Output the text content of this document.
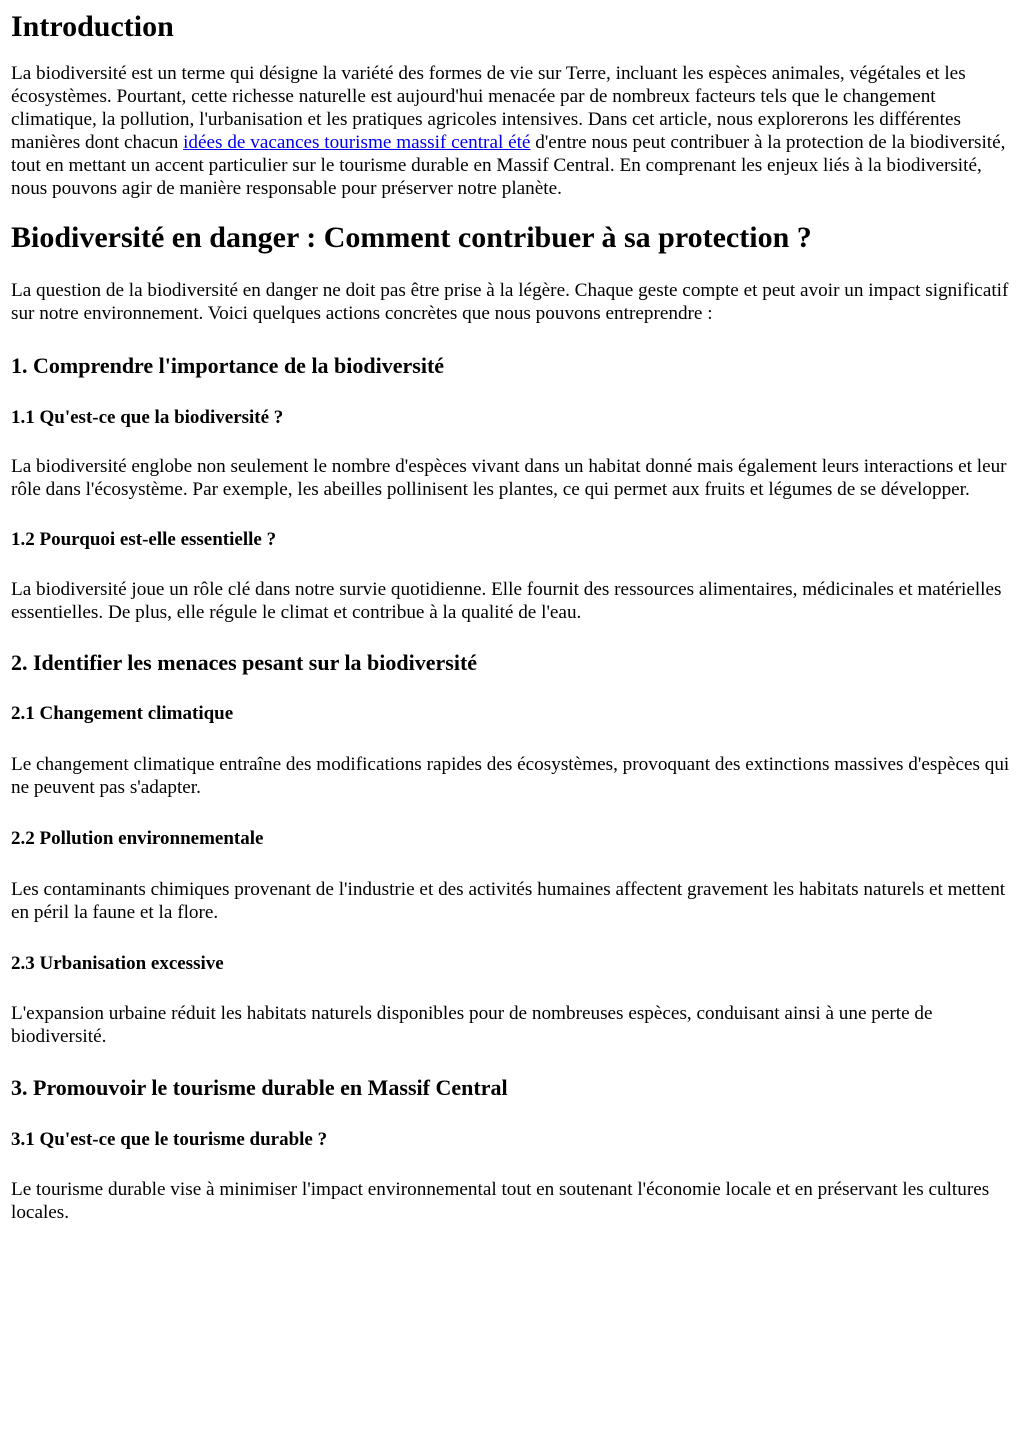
Introduction

La biodiversité est un terme qui désigne la variété des formes de vie sur Terre, incluant les espèces animales, végétales et les écosystèmes. Pourtant, cette richesse naturelle est aujourd'hui menacée par de nombreux facteurs tels que le changement climatique, la pollution, l'urbanisation et les pratiques agricoles intensives. Dans cet article, nous explorerons les différentes manières dont chacun idées de vacances tourisme massif central été d'entre nous peut contribuer à la protection de la biodiversité, tout en mettant un accent particulier sur le tourisme durable en Massif Central. En comprenant les enjeux liés à la biodiversité, nous pouvons agir de manière responsable pour préserver notre planète.

Biodiversité en danger : Comment contribuer à sa protection ?

La question de la biodiversité en danger ne doit pas être prise à la légère. Chaque geste compte et peut avoir un impact significatif sur notre environnement. Voici quelques actions concrètes que nous pouvons entreprendre :

1. Comprendre l'importance de la biodiversité
1.1 Qu'est-ce que la biodiversité ?

La biodiversité englobe non seulement le nombre d'espèces vivant dans un habitat donné mais également leurs interactions et leur rôle dans l'écosystème. Par exemple, les abeilles pollinisent les plantes, ce qui permet aux fruits et légumes de se développer.

1.2 Pourquoi est-elle essentielle ?

La biodiversité joue un rôle clé dans notre survie quotidienne. Elle fournit des ressources alimentaires, médicinales et matérielles essentielles. De plus, elle régule le climat et contribue à la qualité de l'eau.

2. Identifier les menaces pesant sur la biodiversité
2.1 Changement climatique

Le changement climatique entraîne des modifications rapides des écosystèmes, provoquant des extinctions massives d'espèces qui ne peuvent pas s'adapter.

2.2 Pollution environnementale

Les contaminants chimiques provenant de l'industrie et des activités humaines affectent gravement les habitats naturels et mettent en péril la faune et la flore.

2.3 Urbanisation excessive

L'expansion urbaine réduit les habitats naturels disponibles pour de nombreuses espèces, conduisant ainsi à une perte de biodiversité.

3. Promouvoir le tourisme durable en Massif Central
3.1 Qu'est-ce que le tourisme durable ?

Le tourisme durable vise à minimiser l'impact environnemental tout en soutenant l'économie locale et en préservant les cultures locales.
